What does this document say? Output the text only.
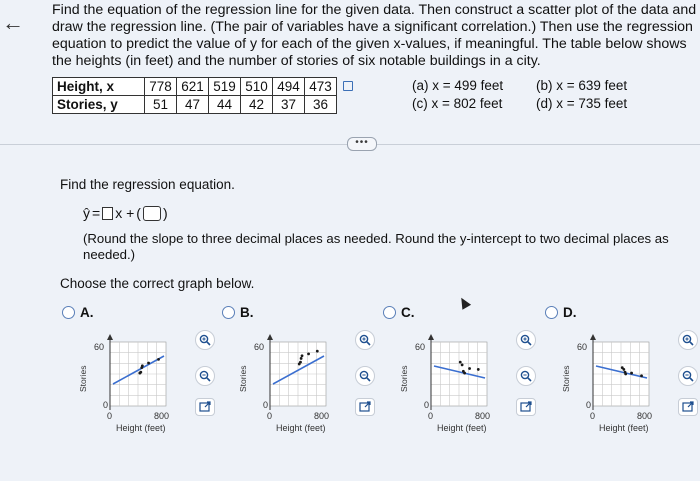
← Find the equation of the regression line for the given data. Then construct a scatter plot of the data and draw the regression line. (The pair of variables have a significant correlation.) Then use the regression equation to predict the value of y for each of the given x-values, if meaningful. The table below shows the heights (in feet) and the number of stories of six notable buildings in a city.
Height, x	778	621	519	510	494	473
Stories, y	51	47	44	42	37	36
(a) x = 499 feet
(c) x = 802 feet
(b) x = 639 feet
(d) x = 735 feet
•••
Find the regression equation.
ŷ = x + ( )
(Round the slope to three decimal places as needed. Round the y-intercept to two decimal places as needed.)
Choose the correct graph below.
A.
60
0
0	800
Height (feet)
Stories
B.
60
0
0	800
Height (feet)
Stories
C.
60
0
0	800
Height (feet)
Stories
D.
60
0
0	800
Height (feet)
Stories
